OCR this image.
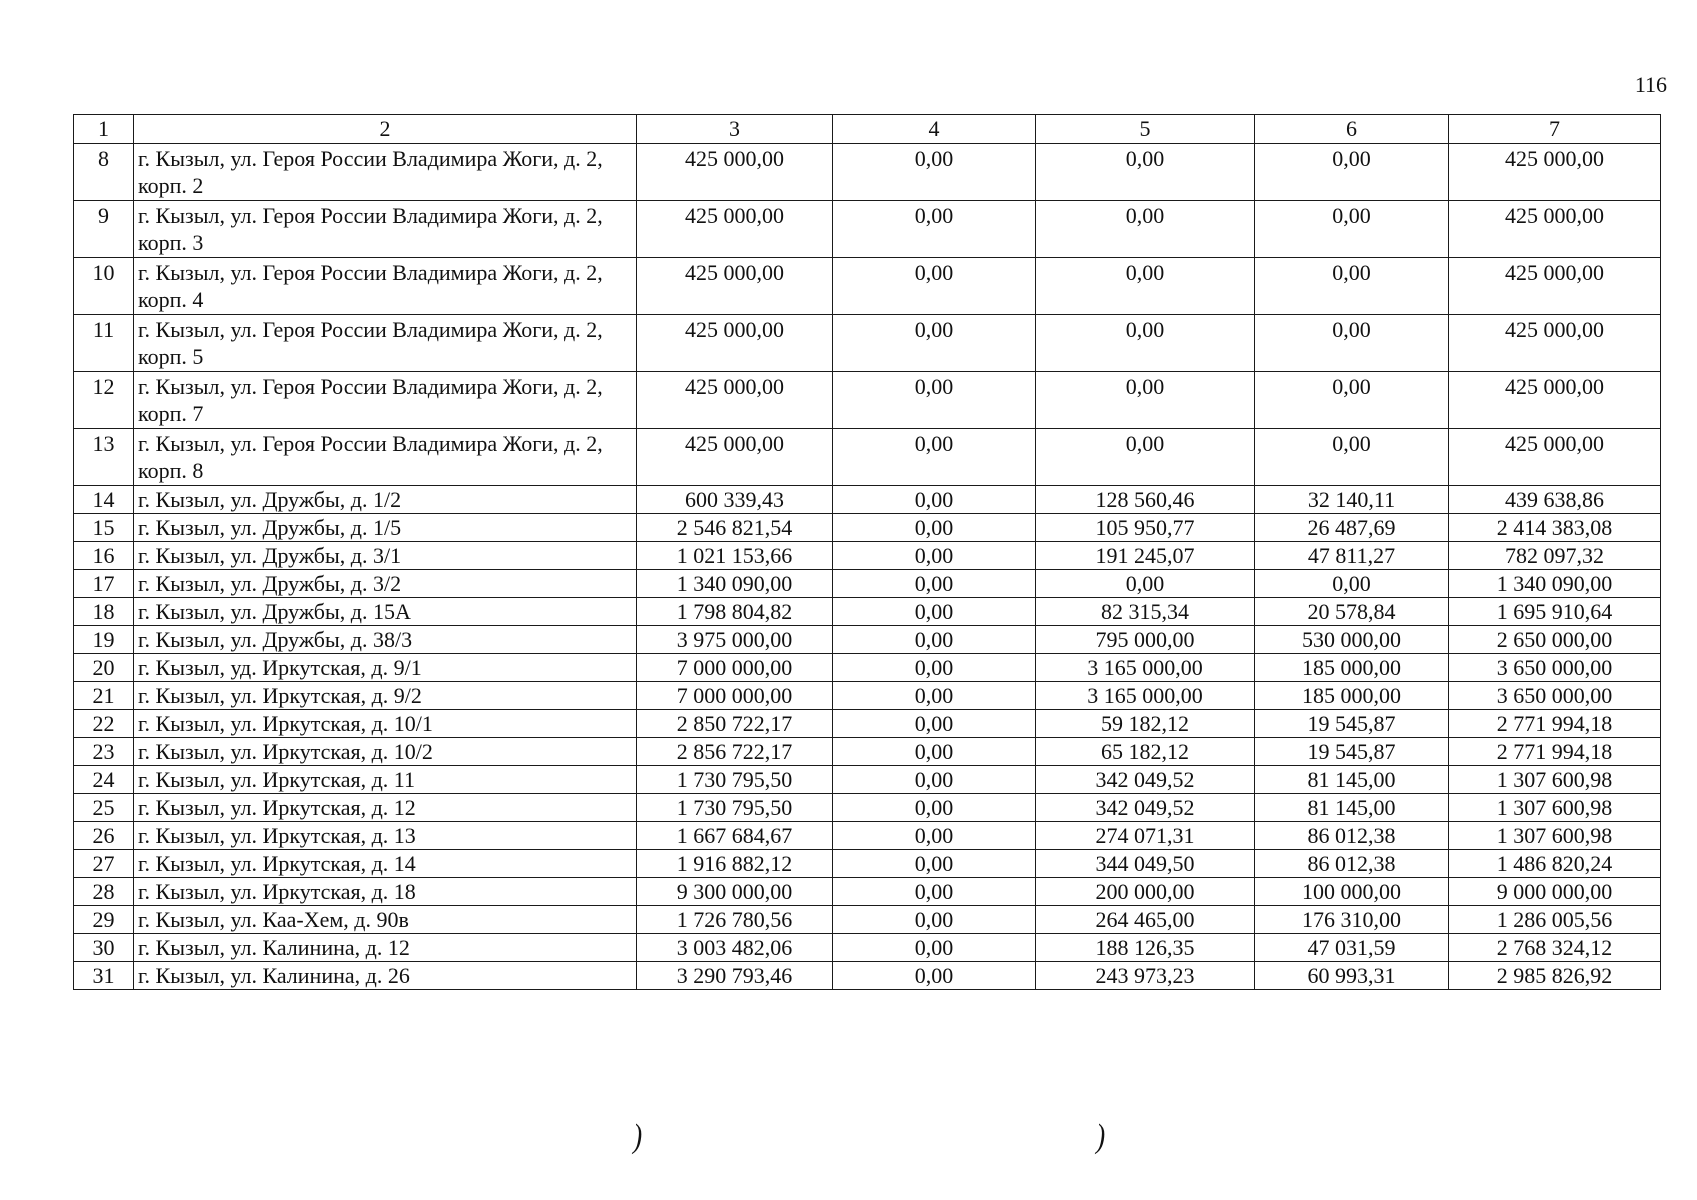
116
1	2	3	4	5	6	7
8	г. Кызыл, ул. Героя России Владимира Жоги, д. 2, корп. 2	425 000,00	0,00	0,00	0,00	425 000,00
9	г. Кызыл, ул. Героя России Владимира Жоги, д. 2, корп. 3	425 000,00	0,00	0,00	0,00	425 000,00
10	г. Кызыл, ул. Героя России Владимира Жоги, д. 2, корп. 4	425 000,00	0,00	0,00	0,00	425 000,00
11	г. Кызыл, ул. Героя России Владимира Жоги, д. 2, корп. 5	425 000,00	0,00	0,00	0,00	425 000,00
12	г. Кызыл, ул. Героя России Владимира Жоги, д. 2, корп. 7	425 000,00	0,00	0,00	0,00	425 000,00
13	г. Кызыл, ул. Героя России Владимира Жоги, д. 2, корп. 8	425 000,00	0,00	0,00	0,00	425 000,00
14	г. Кызыл, ул. Дружбы, д. 1/2	600 339,43	0,00	128 560,46	32 140,11	439 638,86
15	г. Кызыл, ул. Дружбы, д. 1/5	2 546 821,54	0,00	105 950,77	26 487,69	2 414 383,08
16	г. Кызыл, ул. Дружбы, д. 3/1	1 021 153,66	0,00	191 245,07	47 811,27	782 097,32
17	г. Кызыл, ул. Дружбы, д. 3/2	1 340 090,00	0,00	0,00	0,00	1 340 090,00
18	г. Кызыл, ул. Дружбы, д. 15А	1 798 804,82	0,00	82 315,34	20 578,84	1 695 910,64
19	г. Кызыл, ул. Дружбы, д. 38/3	3 975 000,00	0,00	795 000,00	530 000,00	2 650 000,00
20	г. Кызыл, уд. Иркутская, д. 9/1	7 000 000,00	0,00	3 165 000,00	185 000,00	3 650 000,00
21	г. Кызыл, ул. Иркутская, д. 9/2	7 000 000,00	0,00	3 165 000,00	185 000,00	3 650 000,00
22	г. Кызыл, ул. Иркутская, д. 10/1	2 850 722,17	0,00	59 182,12	19 545,87	2 771 994,18
23	г. Кызыл, ул. Иркутская, д. 10/2	2 856 722,17	0,00	65 182,12	19 545,87	2 771 994,18
24	г. Кызыл, ул. Иркутская, д. 11	1 730 795,50	0,00	342 049,52	81 145,00	1 307 600,98
25	г. Кызыл, ул. Иркутская, д. 12	1 730 795,50	0,00	342 049,52	81 145,00	1 307 600,98
26	г. Кызыл, ул. Иркутская, д. 13	1 667 684,67	0,00	274 071,31	86 012,38	1 307 600,98
27	г. Кызыл, ул. Иркутская, д. 14	1 916 882,12	0,00	344 049,50	86 012,38	1 486 820,24
28	г. Кызыл, ул. Иркутская, д. 18	9 300 000,00	0,00	200 000,00	100 000,00	9 000 000,00
29	г. Кызыл, ул. Каа-Хем, д. 90в	1 726 780,56	0,00	264 465,00	176 310,00	1 286 005,56
30	г. Кызыл, ул. Калинина, д. 12	3 003 482,06	0,00	188 126,35	47 031,59	2 768 324,12
31	г. Кызыл, ул. Калинина, д. 26	3 290 793,46	0,00	243 973,23	60 993,31	2 985 826,92
)	)
